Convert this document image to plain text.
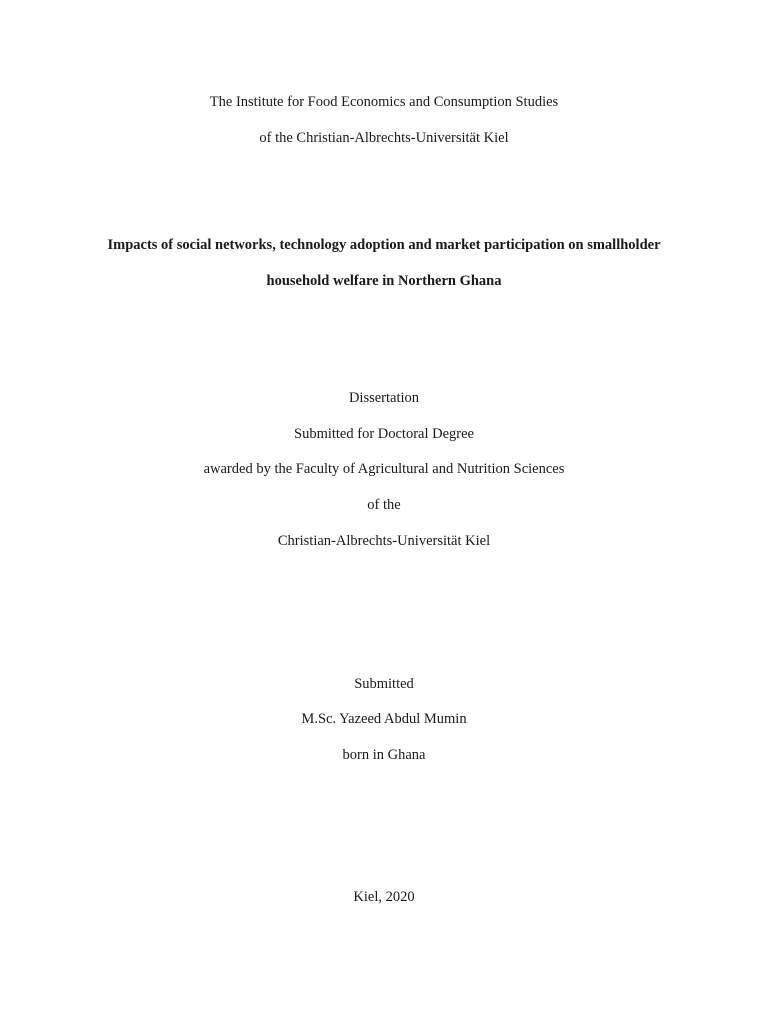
The Institute for Food Economics and Consumption Studies
of the Christian-Albrechts-Universität Kiel
Impacts of social networks, technology adoption and market participation on smallholder
household welfare in Northern Ghana
Dissertation
Submitted for Doctoral Degree
awarded by the Faculty of Agricultural and Nutrition Sciences
of the
Christian-Albrechts-Universität Kiel
Submitted
M.Sc. Yazeed Abdul Mumin
born in Ghana
Kiel, 2020
